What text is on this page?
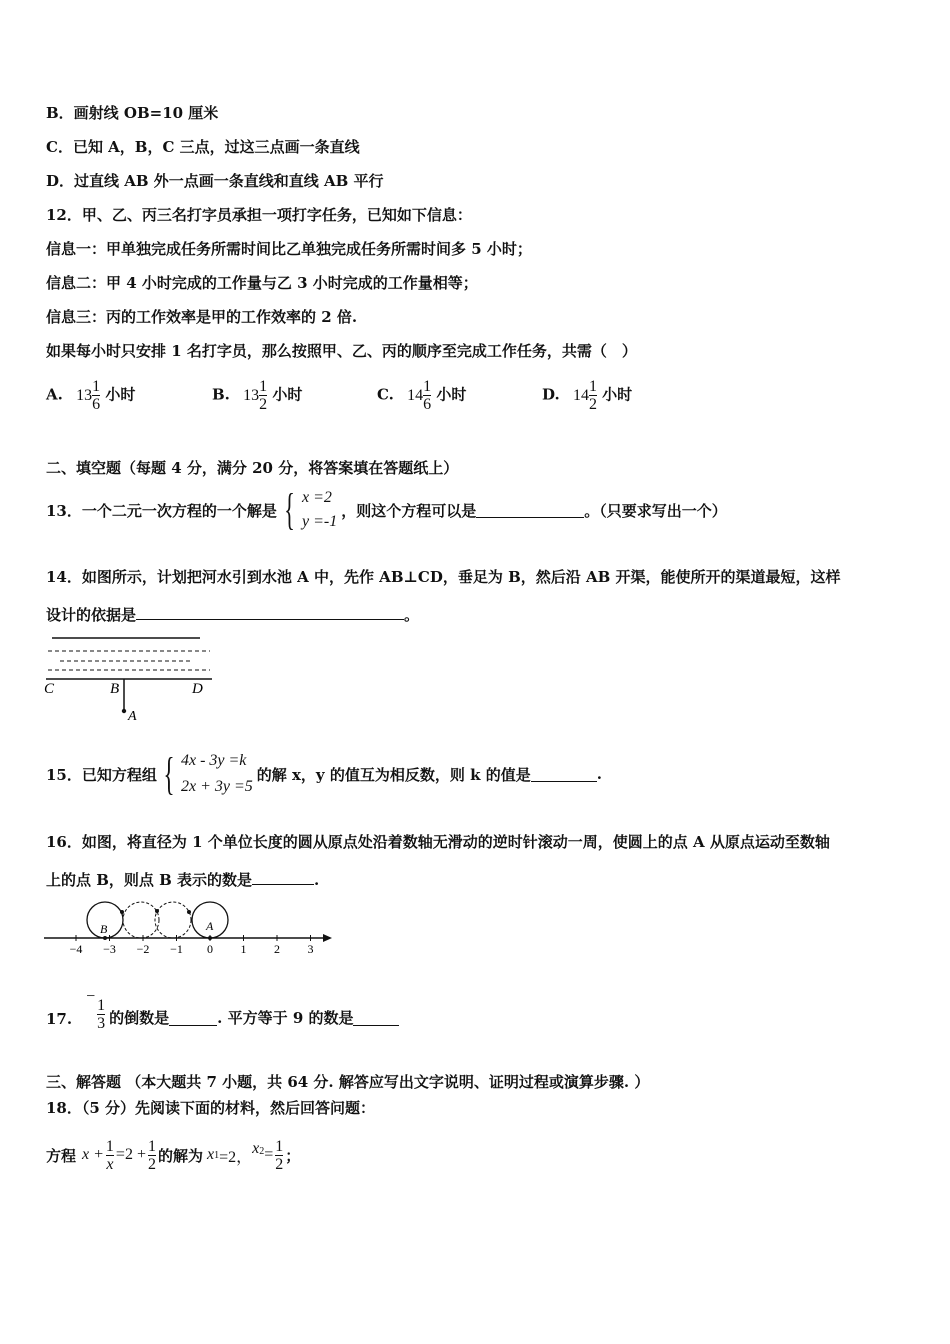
B．画射线 OB=10 厘米
C．已知 A，B，C 三点，过这三点画一条直线
D．过直线 AB 外一点画一条直线和直线 AB 平行
12．甲、乙、丙三名打字员承担一项打字任务，已知如下信息：
信息一：甲单独完成任务所需时间比乙单独完成任务所需时间多 5 小时；
信息二：甲 4 小时完成的工作量与乙 3 小时完成的工作量相等；
信息三：丙的工作效率是甲的工作效率的 2 倍.
如果每小时只安排 1 名打字员，那么按照甲、乙、丙的顺序至完成工作任务，共需（　）
A. $13 \frac{1}{6}$ 小时	B. $13 \frac{1}{2}$ 小时	C. $14 \frac{1}{6}$ 小时	D. $14 \frac{1}{2}$ 小时
二、填空题（每题 4 分，满分 20 分，将答案填在答题纸上）
13．一个二元一次方程的一个解是 { x =2
y =-1
，则这个方程可以是	。（只要求写出一个）
14．如图所示，计划把河水引到水池 A 中，先作 AB⊥CD，垂足为 B，然后沿 AB 开渠，能使所开的渠道最短，这样
设计的依据是	。
C	B	D
A
15．已知方程组 { 4x - 3y =k
2x + 3y =5
的解 x，y 的值互为相反数，则 k 的值是	.
16．如图，将直径为 1 个单位长度的圆从原点处沿着数轴无滑动的逆时针滚动一周，使圆上的点 A 从原点运动至数轴
上的点 B，则点 B 表示的数是	.
−4 −3 −2 −1 0 1 2 3
B	A
17.
−
$\frac{1}{3}$ 的倒数是	. 平方等于 9 的数是
三、解答题 （本大题共 7 小题，共 64 分. 解答应写出文字说明、证明过程或演算步骤. ）
18．（5 分）先阅读下面的材料，然后回答问题：
方程 $x + \frac{1}{x} =2 + \frac{1}{2}$ 的解为 x 1 =2， x $2 = \frac{1}{2}$ ；
